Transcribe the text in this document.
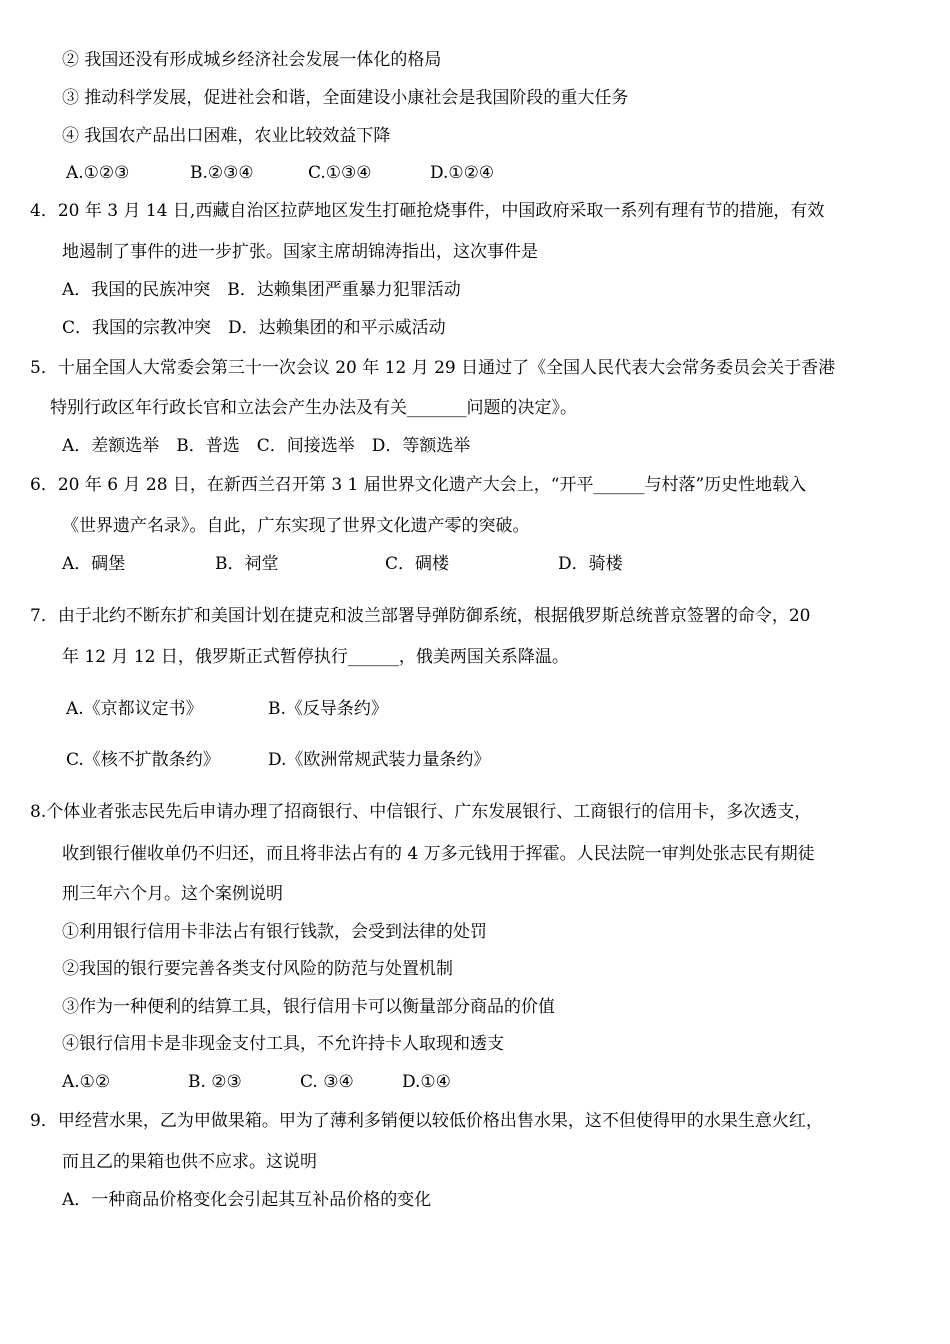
② 我国还没有形成城乡经济社会发展一体化的格局
③ 推动科学发展，促进社会和谐，全面建设小康社会是我国阶段的重大任务
④ 我国农产品出口困难，农业比较效益下降
A.①②③	B.②③④	C.①③④	D.①②④
4．20 年 3 月 14 日,西藏自治区拉萨地区发生打砸抢烧事件，中国政府采取一系列有理有节的措施，有效
地遏制了事件的进一步扩张。国家主席胡锦涛指出，这次事件是
A．我国的民族冲突　B．达赖集团严重暴力犯罪活动
C．我国的宗教冲突　D．达赖集团的和平示威活动
5．十届全国人大常委会第三十一次会议 20 年 12 月 29 日通过了《全国人民代表大会常务委员会关于香港
特别行政区年行政长官和立法会产生办法及有关_______问题的决定》。
A．差额选举　B．普选　C．间接选举　D．等额选举
6．20 年 6 月 28 日，在新西兰召开第 3 1 届世界文化遗产大会上，“开平______与村落”历史性地载入
《世界遗产名录》。自此，广东实现了世界文化遗产零的突破。
A．碉堡	B．祠堂	C．碉楼	D．骑楼
7．由于北约不断东扩和美国计划在捷克和波兰部署导弹防御系统，根据俄罗斯总统普京签署的命令，20
年 12 月 12 日，俄罗斯正式暂停执行______，俄美两国关系降温。
A.《京都议定书》	B.《反导条约》
C.《核不扩散条约》	D.《欧洲常规武装力量条约》
8.个体业者张志民先后申请办理了招商银行、中信银行、广东发展银行、工商银行的信用卡，多次透支，
收到银行催收单仍不归还，而且将非法占有的 4 万多元钱用于挥霍。人民法院一审判处张志民有期徒
刑三年六个月。这个案例说明
①利用银行信用卡非法占有银行钱款，会受到法律的处罚
②我国的银行要完善各类支付风险的防范与处置机制
③作为一种便利的结算工具，银行信用卡可以衡量部分商品的价值
④银行信用卡是非现金支付工具，不允许持卡人取现和透支
A.①②	B. ②③	C. ③④	D.①④
9．甲经营水果，乙为甲做果箱。甲为了薄利多销便以较低价格出售水果，这不但使得甲的水果生意火红，
而且乙的果箱也供不应求。这说明
A．一种商品价格变化会引起其互补品价格的变化
